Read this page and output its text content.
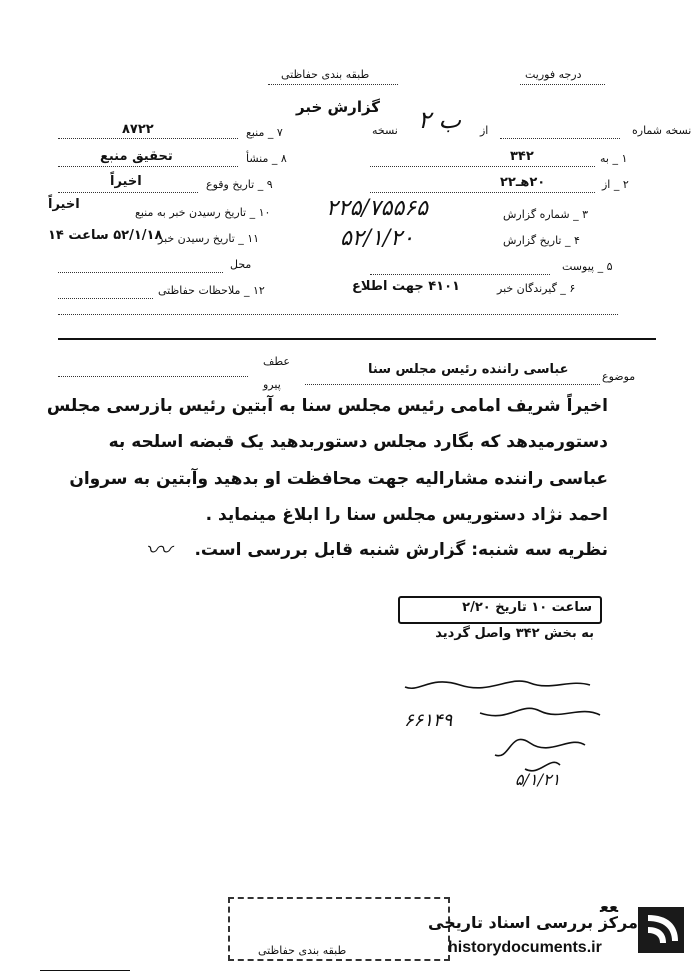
درجه فوریت
طبقه بندی حفاظتی
گزارش خبر
نسخه شماره
از
نسخه ب ۲
۱ _ به
۳۴۲
۲ _ از
۲۰هـ۲۲
۳ _ شماره گزارش
۲۲۵/۷۵۵۶۵
۴ _ تاریخ گزارش
۵۲/۱/۲۰
۵ _ پیوست
۶ _ گیرندگان خبر
۴۱۰۱ جهت اطلاع
۷ _ منبع
۸۷۲۲
۸ _ منشأ
تحقیق منبع
۹ _ تاریخ وقوع
اخیراً
۱۰ _ تاریخ رسیدن خبر به منبع
اخیراً
۱۱ _ تاریخ رسیدن خبر
۵۲/۱/۱۸ ساعت ۱۴
محل
۱۲ _ ملاحظات حفاظتی
عطف
پیرو
موضوع
عباسی راننده رئیس مجلس سنا
اخیراً شریف امامی رئیس مجلس سنا به آبتین رئیس بازرسی مجلس
دستورمیدهد که بگارد مجلس دستوربدهید یک قبضه اسلحه به
عباسی راننده مشارالیه جهت محافظت او بدهید وآبتین به سروان
احمد نژاد دستوریس مجلس سنا را ابلاغ مینماید .
نظریه سه شنبه: گزارش شنبه قابل بررسی است.
〰
ساعت ۱۰ تاریخ ۲/۲۰
به بخش ۳۴۲ واصل گردید
۶۶۱۴۹
۵/۱/۲۱
طبقه بندی حفاظتی
مرکز بررسی اسناد تاریخی
historydocuments.ir
ﻌﻌ
